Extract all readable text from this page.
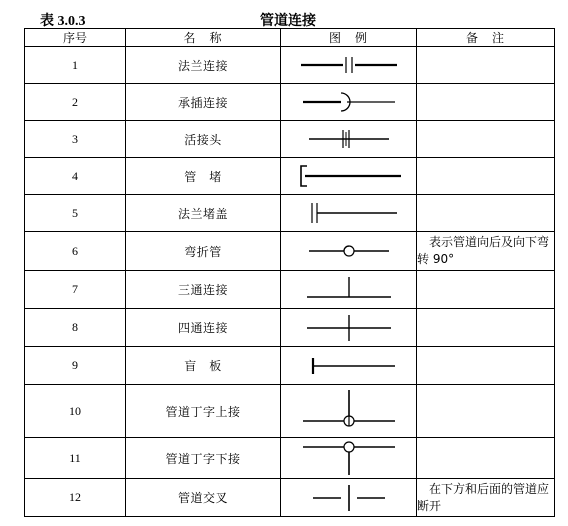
表 3.0.3	管道连接
序号	名　称	图　例	备　注
1	法兰连接	

2	承插连接	

3	活接头	

4	管　堵	

5	法兰堵盖	

6	弯折管		表示管道向后及向下弯转 90°
7	三通连接	

8	四通连接	

9	盲　板	

10	管道丁字上接	

11	管道丁字下接	

12	管道交叉		在下方和后面的管道应断开
